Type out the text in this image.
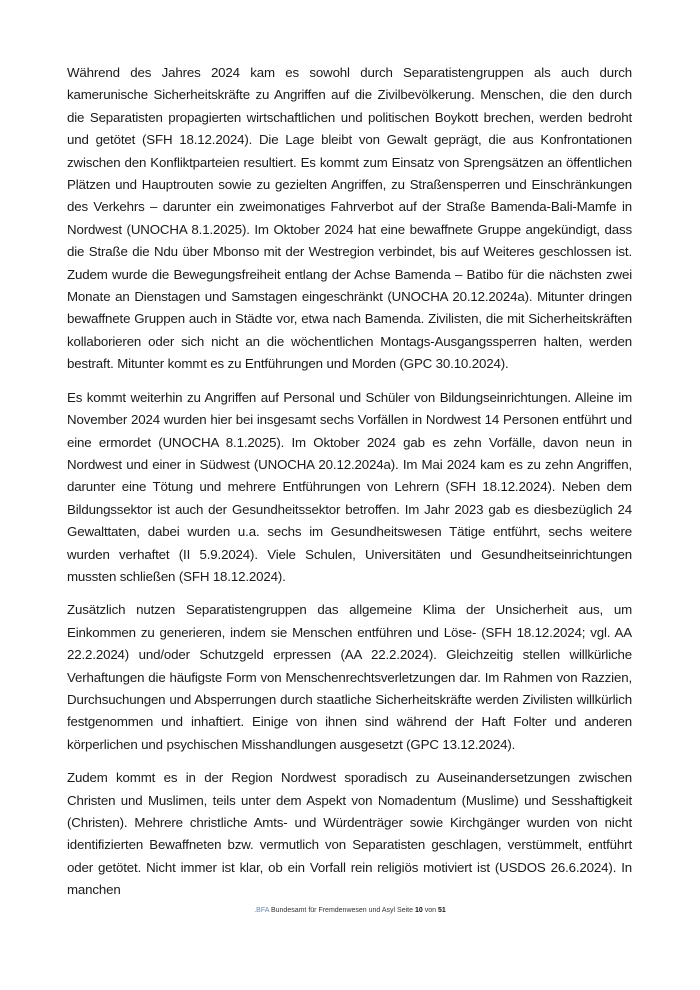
Während des Jahres 2024 kam es sowohl durch Separatistengruppen als auch durch kamerunische Sicherheitskräfte zu Angriffen auf die Zivilbevölkerung. Menschen, die den durch die Separatisten propagierten wirtschaftlichen und politischen Boykott brechen, werden bedroht und getötet (SFH 18.12.2024). Die Lage bleibt von Gewalt geprägt, die aus Konfrontationen zwischen den Konfliktparteien resultiert. Es kommt zum Einsatz von Sprengsätzen an öffentlichen Plätzen und Hauptrouten sowie zu gezielten Angriffen, zu Straßensperren und Einschränkungen des Verkehrs – darunter ein zweimonatiges Fahrverbot auf der Straße Bamenda-Bali-Mamfe in Nordwest (UNOCHA 8.1.2025). Im Oktober 2024 hat eine bewaffnete Gruppe angekündigt, dass die Straße die Ndu über Mbonso mit der Westregion verbindet, bis auf Weiteres geschlossen ist. Zudem wurde die Bewegungsfreiheit entlang der Achse Bamenda – Batibo für die nächsten zwei Monate an Dienstagen und Samstagen eingeschränkt (UNOCHA 20.12.2024a). Mitunter dringen bewaffnete Gruppen auch in Städte vor, etwa nach Bamenda. Zivilisten, die mit Sicherheitskräften kollaborieren oder sich nicht an die wöchentlichen Montags-Ausgangssperren halten, werden bestraft. Mitunter kommt es zu Entführungen und Morden (GPC 30.10.2024).

Es kommt weiterhin zu Angriffen auf Personal und Schüler von Bildungseinrichtungen. Alleine im November 2024 wurden hier bei insgesamt sechs Vorfällen in Nordwest 14 Personen entführt und eine ermordet (UNOCHA 8.1.2025). Im Oktober 2024 gab es zehn Vorfälle, davon neun in Nordwest und einer in Südwest (UNOCHA 20.12.2024a). Im Mai 2024 kam es zu zehn Angriffen, darunter eine Tötung und mehrere Entführungen von Lehrern (SFH 18.12.2024). Neben dem Bildungssektor ist auch der Gesundheitssektor betroffen. Im Jahr 2023 gab es diesbezüglich 24 Gewalttaten, dabei wurden u.a. sechs im Gesundheitswesen Tätige entführt, sechs weitere wurden verhaftet (II 5.9.2024). Viele Schulen, Universitäten und Gesundheitseinrichtungen mussten schließen (SFH 18.12.2024).

Zusätzlich nutzen Separatistengruppen das allgemeine Klima der Unsicherheit aus, um Einkommen zu generieren, indem sie Menschen entführen und Löse- (SFH 18.12.2024; vgl. AA 22.2.2024) und/oder Schutzgeld erpressen (AA 22.2.2024). Gleichzeitig stellen willkürliche Verhaftungen die häufigste Form von Menschenrechtsverletzungen dar. Im Rahmen von Razzien, Durchsuchungen und Absperrungen durch staatliche Sicherheitskräfte werden Zivilisten willkürlich festgenommen und inhaftiert. Einige von ihnen sind während der Haft Folter und anderen körperlichen und psychischen Misshandlungen ausgesetzt (GPC 13.12.2024).

Zudem kommt es in der Region Nordwest sporadisch zu Auseinandersetzungen zwischen Christen und Muslimen, teils unter dem Aspekt von Nomadentum (Muslime) und Sesshaftigkeit (Christen). Mehrere christliche Amts- und Würdenträger sowie Kirchgänger wurden von nicht identifizierten Bewaffneten bzw. vermutlich von Separatisten geschlagen, verstümmelt, entführt oder getötet. Nicht immer ist klar, ob ein Vorfall rein religiös motiviert ist (USDOS 26.6.2024). In manchen

.BFA Bundesamt für Fremdenwesen und Asyl Seite 10 von 51
